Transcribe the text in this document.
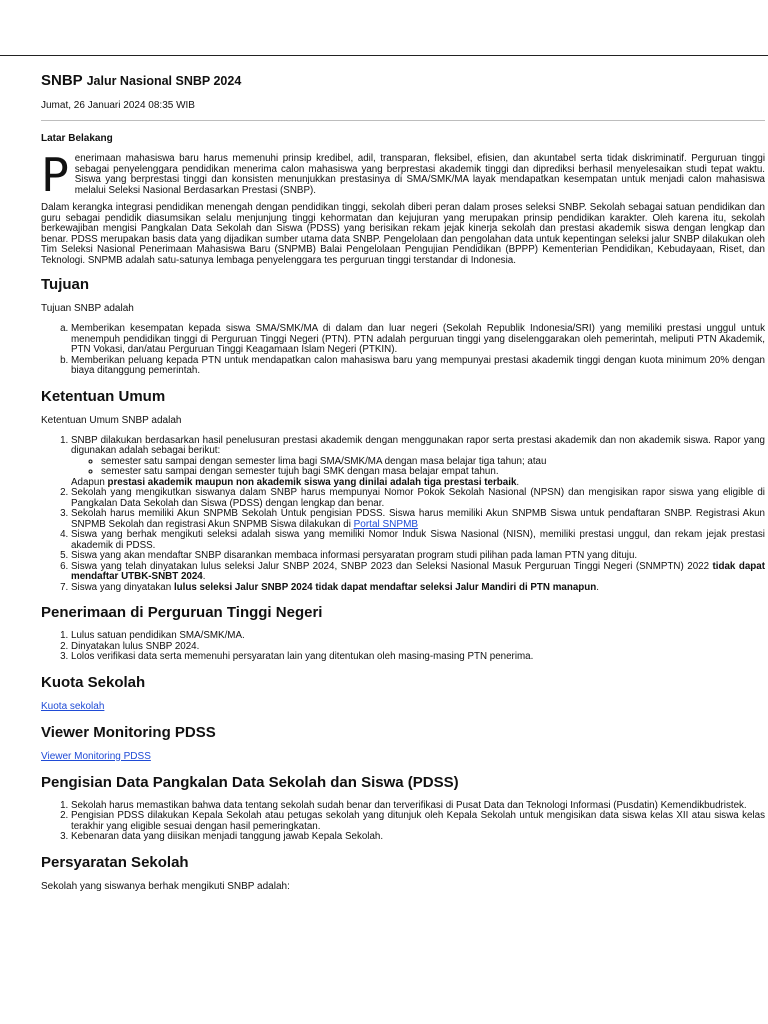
SNBP Jalur Nasional SNBP 2024

Jumat, 26 Januari 2024 08:35 WIB

Latar Belakang

P enerimaan mahasiswa baru harus memenuhi prinsip kredibel, adil, transparan, fleksibel, efisien, dan akuntabel serta tidak diskriminatif. Perguruan tinggi sebagai penyelenggara pendidikan menerima calon mahasiswa yang berprestasi akademik tinggi dan diprediksi berhasil menyelesaikan studi tepat waktu. Siswa yang berprestasi tinggi dan konsisten menunjukkan prestasinya di SMA/SMK/MA layak mendapatkan kesempatan untuk menjadi calon mahasiswa melalui Seleksi Nasional Berdasarkan Prestasi (SNBP).

Dalam kerangka integrasi pendidikan menengah dengan pendidikan tinggi, sekolah diberi peran dalam proses seleksi SNBP. Sekolah sebagai satuan pendidikan dan guru sebagai pendidik diasumsikan selalu menjunjung tinggi kehormatan dan kejujuran yang merupakan prinsip pendidikan karakter. Oleh karena itu, sekolah berkewajiban mengisi Pangkalan Data Sekolah dan Siswa (PDSS) yang berisikan rekam jejak kinerja sekolah dan prestasi akademik siswa dengan lengkap dan benar. PDSS merupakan basis data yang dijadikan sumber utama data SNBP. Pengelolaan dan pengolahan data untuk kepentingan seleksi jalur SNBP dilakukan oleh Tim Seleksi Nasional Penerimaan Mahasiswa Baru (SNPMB) Balai Pengelolaan Pengujian Pendidikan (BPPP) Kementerian Pendidikan, Kebudayaan, Riset, dan Teknologi. SNPMB adalah satu-satunya lembaga penyelenggara tes perguruan tinggi terstandar di Indonesia.

Tujuan

Tujuan SNBP adalah

a. Memberikan kesempatan kepada siswa SMA/SMK/MA di dalam dan luar negeri (Sekolah Republik Indonesia/SRI) yang memiliki prestasi unggul untuk menempuh pendidikan tinggi di Perguruan Tinggi Negeri (PTN). PTN adalah perguruan tinggi yang diselenggarakan oleh pemerintah, meliputi PTN Akademik, PTN Vokasi, dan/atau Perguruan Tinggi Keagamaan Islam Negeri (PTKIN).
b. Memberikan peluang kepada PTN untuk mendapatkan calon mahasiswa baru yang mempunyai prestasi akademik tinggi dengan kuota minimum 20% dengan biaya ditanggung pemerintah.
Ketentuan Umum

Ketentuan Umum SNBP adalah

1. SNBP dilakukan berdasarkan hasil penelusuran prestasi akademik dengan menggunakan rapor serta prestasi akademik dan non akademik siswa. Rapor yang digunakan adalah sebagai berikut:
◦ semester satu sampai dengan semester lima bagi SMA/SMK/MA dengan masa belajar tiga tahun; atau
◦ semester satu sampai dengan semester tujuh bagi SMK dengan masa belajar empat tahun.
Adapun prestasi akademik maupun non akademik siswa yang dinilai adalah tiga prestasi terbaik.
2. Sekolah yang mengikutkan siswanya dalam SNBP harus mempunyai Nomor Pokok Sekolah Nasional (NPSN) dan mengisikan rapor siswa yang eligible di Pangkalan Data Sekolah dan Siswa (PDSS) dengan lengkap dan benar.
3. Sekolah harus memiliki Akun SNPMB Sekolah Untuk pengisian PDSS. Siswa harus memiliki Akun SNPMB Siswa untuk pendaftaran SNBP. Registrasi Akun SNPMB Sekolah dan registrasi Akun SNPMB Siswa dilakukan di Portal SNPMB
4. Siswa yang berhak mengikuti seleksi adalah siswa yang memiliki Nomor Induk Siswa Nasional (NISN), memiliki prestasi unggul, dan rekam jejak prestasi akademik di PDSS.
5. Siswa yang akan mendaftar SNBP disarankan membaca informasi persyaratan program studi pilihan pada laman PTN yang dituju.
6. Siswa yang telah dinyatakan lulus seleksi Jalur SNBP 2024, SNBP 2023 dan Seleksi Nasional Masuk Perguruan Tinggi Negeri (SNMPTN) 2022 tidak dapat mendaftar UTBK-SNBT 2024.
7. Siswa yang dinyatakan lulus seleksi Jalur SNBP 2024 tidak dapat mendaftar seleksi Jalur Mandiri di PTN manapun.
Penerimaan di Perguruan Tinggi Negeri
1. Lulus satuan pendidikan SMA/SMK/MA.
2. Dinyatakan lulus SNBP 2024.
3. Lolos verifikasi data serta memenuhi persyaratan lain yang ditentukan oleh masing-masing PTN penerima.
Kuota Sekolah

Kuota sekolah

Viewer Monitoring PDSS

Viewer Monitoring PDSS

Pengisian Data Pangkalan Data Sekolah dan Siswa (PDSS)
1. Sekolah harus memastikan bahwa data tentang sekolah sudah benar dan terverifikasi di Pusat Data dan Teknologi Informasi (Pusdatin) Kemendikbudristek.
2. Pengisian PDSS dilakukan Kepala Sekolah atau petugas sekolah yang ditunjuk oleh Kepala Sekolah untuk mengisikan data siswa kelas XII atau siswa kelas terakhir yang eligible sesuai dengan hasil pemeringkatan.
3. Kebenaran data yang diisikan menjadi tanggung jawab Kepala Sekolah.
Persyaratan Sekolah

Sekolah yang siswanya berhak mengikuti SNBP adalah:
